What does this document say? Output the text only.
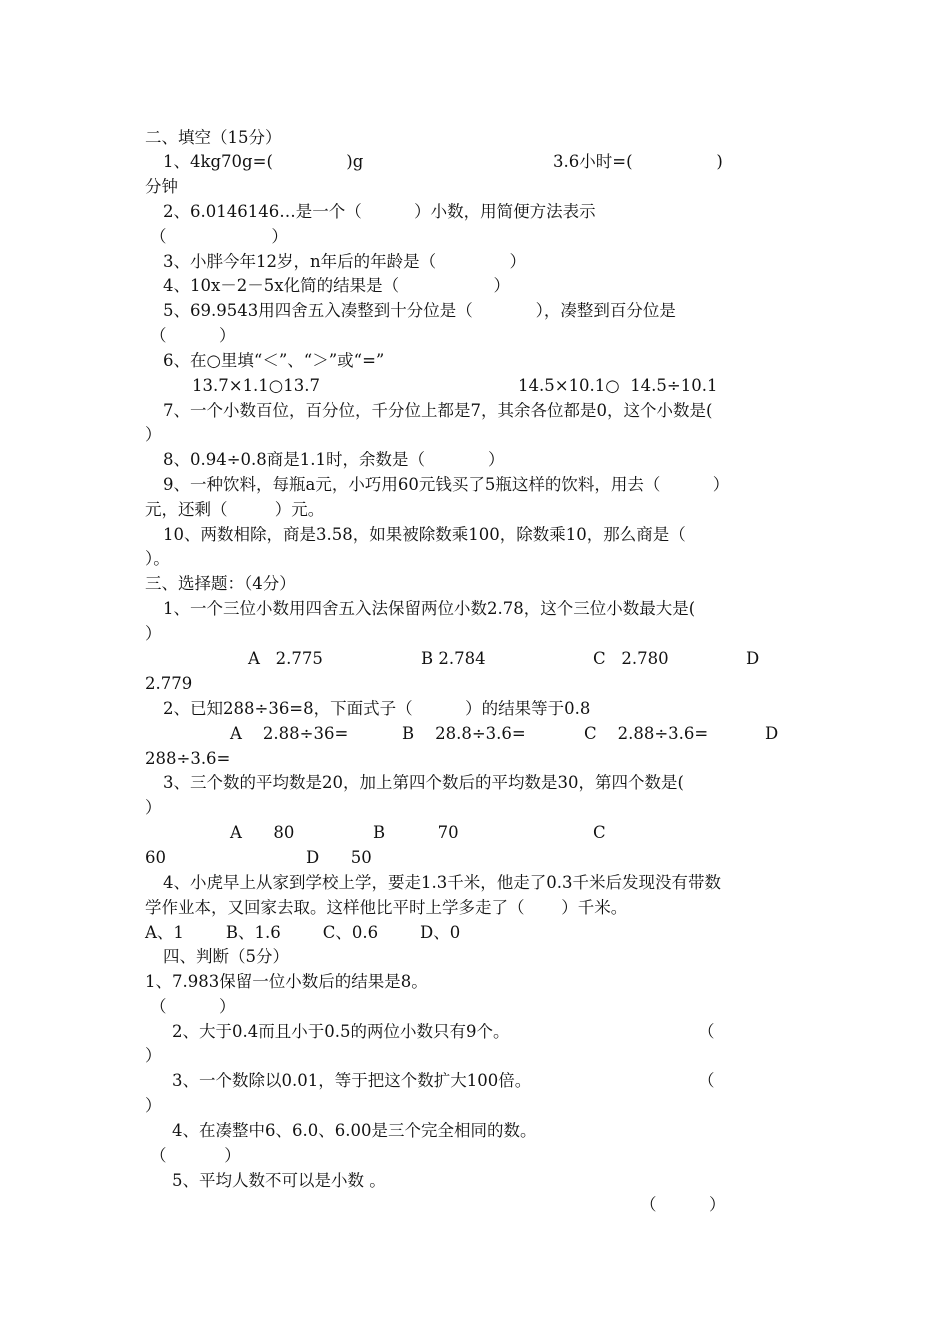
二、填空（15分）
1、4kg70g=(              )g	3.6小时=(                )
分钟
2、6.0146146…是一个（          ）小数，用简便方法表示
（                    ）
3、小胖今年12岁，n年后的年龄是（              ）
4、10x－2－5x化简的结果是（                  ）
5、69.9543用四舍五入凑整到十分位是（            ），凑整到百分位是
（          ）
6、在○里填“＜”、“＞”或“=”
13.7×1.1○13.7	14.5×10.1○  14.5÷10.1
7、一个小数百位，百分位，千分位上都是7，其余各位都是0，这个小数是(
）
8、0.94÷0.8商是1.1时，余数是（            ）
9、一种饮料，每瓶a元，小巧用60元钱买了5瓶这样的饮料，用去（          ）
元，还剩（         ）元。
10、两数相除，商是3.58，如果被除数乘100，除数乘10，那么商是（
）。
三、选择题：（4分）
1、一个三位小数用四舍五入法保留两位小数2.78，这个三位小数最大是(
）
A   2.775	B 2.784	C   2.780	D
2.779
2、已知288÷36=8，下面式子（          ）的结果等于0.8
A    2.88÷36=	B    28.8÷3.6=	C    2.88÷3.6=	D
288÷3.6=
3、三个数的平均数是20，加上第四个数后的平均数是30，第四个数是(
）
A      80	B          70	C
60	D      50
4、小虎早上从家到学校上学，要走1.3千米，他走了0.3千米后发现没有带数
学作业本，又回家去取。这样他比平时上学多走了（       ）千米。
A、1        B、1.6        C、0.6        D、0
四、判断（5分）
1、7.983保留一位小数后的结果是8。
（          ）
2、大于0.4而且小于0.5的两位小数只有9个。	（
）
3、一个数除以0.01，等于把这个数扩大100倍。	（
）
4、在凑整中6、6.0、6.00是三个完全相同的数。
（           ）
5、平均人数不可以是小数 。
（          ）
